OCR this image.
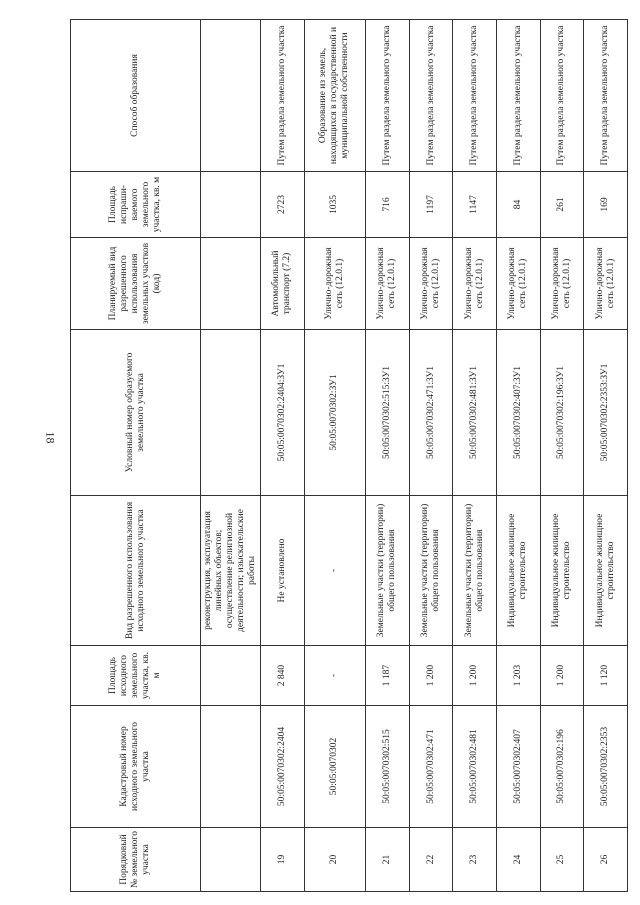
18
Порядковый № земельного участка	Кадастровый номер исходного земельного участка	Площадь исходного земельного участка, кв. м	Вид разрешенного использования исходного земельного участка	Условный номер образуемого земельного участка	Планируемый вид разрешенного использования земельных участков (код)	Площадь испраши-ваемого земельного участка, кв. м	Способ образования
			реконструкция, эксплуатация линейных объектов; осуществление религиозной деятельности; изыскательские работы				
19	50:05:0070302:2404	2 840	Не установлено	50:05:0070302:2404:ЗУ1	Автомобильный транспорт (7.2)	2723	Путем раздела земельного участка
20	50:05:0070302	-	-	50:05:0070302:ЗУ1	Улично-дорожная сеть (12.0.1)	1035	Образование из земель, находящихся в государственной и муниципальной собственности
21	50:05:0070302:515	1 187	Земельные участки (территории) общего пользования	50:05:0070302:515:ЗУ1	Улично-дорожная сеть (12.0.1)	716	Путем раздела земельного участка
22	50:05:0070302:471	1 200	Земельные участки (территории) общего пользования	50:05:0070302:471:ЗУ1	Улично-дорожная сеть (12.0.1)	1197	Путем раздела земельного участка
23	50:05:0070302:481	1 200	Земельные участки (территории) общего пользования	50:05:0070302:481:ЗУ1	Улично-дорожная сеть (12.0.1)	1147	Путем раздела земельного участка
24	50:05:0070302:407	1 203	Индивидуальное жилищное строительство	50:05:0070302:407:ЗУ1	Улично-дорожная сеть (12.0.1)	84	Путем раздела земельного участка
25	50:05:0070302:196	1 200	Индивидуальное жилищное строительство	50:05:0070302:196:ЗУ1	Улично-дорожная сеть (12.0.1)	261	Путем раздела земельного участка
26	50:05:0070302:2353	1 120	Индивидуальное жилищное строительство	50:05:0070302:2353:ЗУ1	Улично-дорожная сеть (12.0.1)	169	Путем раздела земельного участка
